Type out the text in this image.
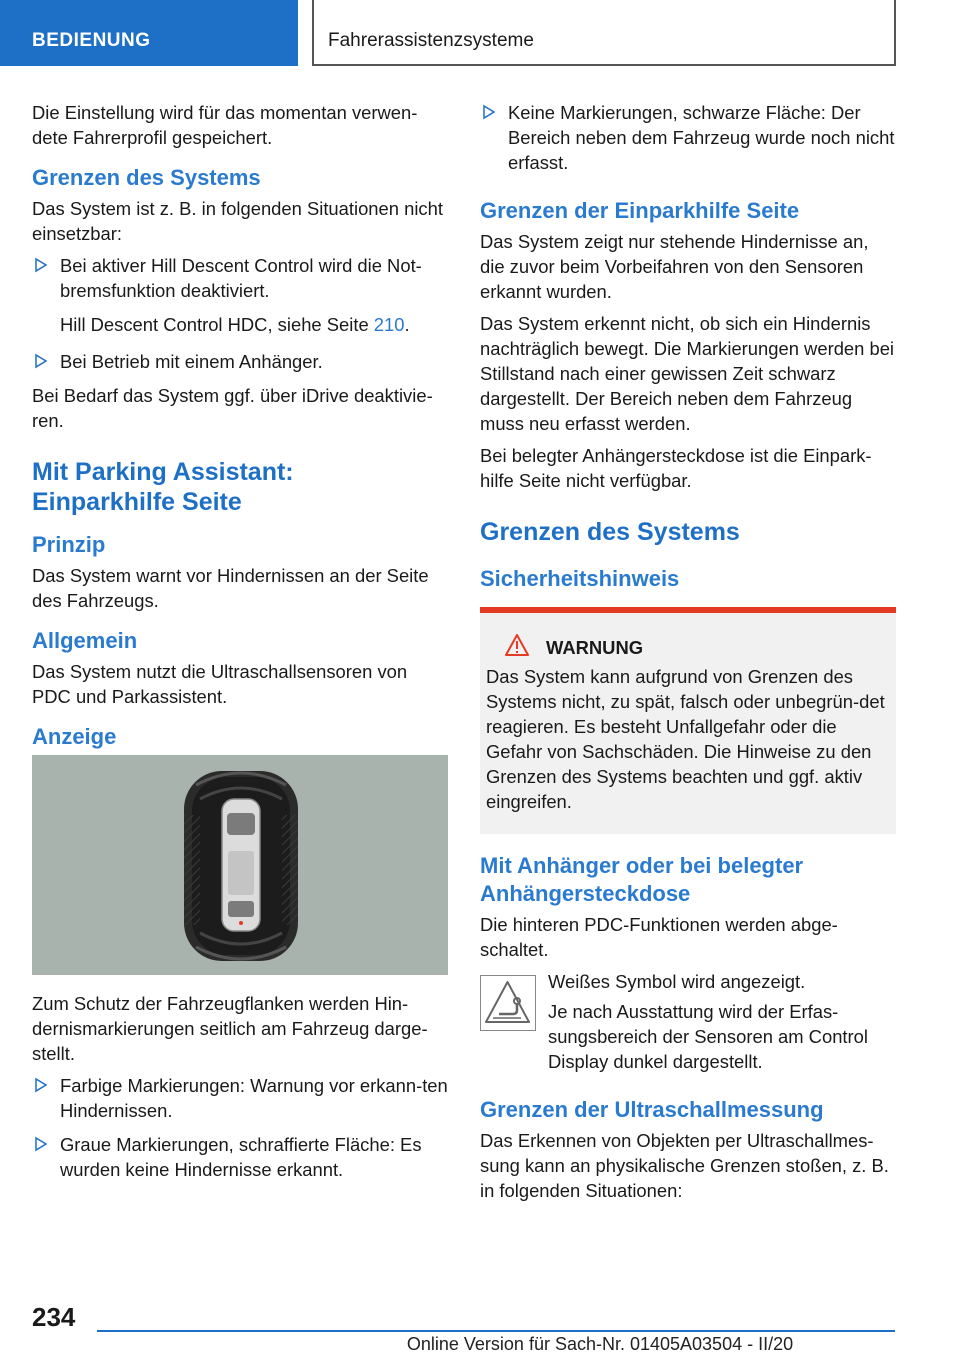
BEDIENUNG	Fahrerassistenzsysteme

Die Einstellung wird für das momentan verwen-dete Fahrerprofil gespeichert.

Grenzen des Systems

Das System ist z. B. in folgenden Situationen nicht einsetzbar:

Bei aktiver Hill Descent Control wird die Not-bremsfunktion deaktiviert.
Hill Descent Control HDC, siehe Seite 210.
Bei Betrieb mit einem Anhänger.

Bei Bedarf das System ggf. über iDrive deaktivie-ren.

Mit Parking Assistant:
Einparkhilfe Seite
Prinzip

Das System warnt vor Hindernissen an der Seite des Fahrzeugs.

Allgemein

Das System nutzt die Ultraschallsensoren von PDC und Parkassistent.

Anzeige

Zum Schutz der Fahrzeugflanken werden Hin-dernismarkierungen seitlich am Fahrzeug darge-stellt.

Farbige Markierungen: Warnung vor erkann-ten Hindernissen.
Graue Markierungen, schraffierte Fläche: Es wurden keine Hindernisse erkannt.
Keine Markierungen, schwarze Fläche: Der Bereich neben dem Fahrzeug wurde noch nicht erfasst.
Grenzen der Einparkhilfe Seite

Das System zeigt nur stehende Hindernisse an, die zuvor beim Vorbeifahren von den Sensoren erkannt wurden.

Das System erkennt nicht, ob sich ein Hindernis nachträglich bewegt. Die Markierungen werden bei Stillstand nach einer gewissen Zeit schwarz dargestellt. Der Bereich neben dem Fahrzeug muss neu erfasst werden.

Bei belegter Anhängersteckdose ist die Einpark-hilfe Seite nicht verfügbar.

Grenzen des Systems
Sicherheitshinweis
WARNUNG
Das System kann aufgrund von Grenzen des Systems nicht, zu spät, falsch oder unbegrün-det reagieren. Es besteht Unfallgefahr oder die Gefahr von Sachschäden. Die Hinweise zu den Grenzen des Systems beachten und ggf. aktiv eingreifen.
Mit Anhänger oder bei belegter Anhängersteckdose

Die hinteren PDC-Funktionen werden abge-schaltet.

Weißes Symbol wird angezeigt.

Je nach Ausstattung wird der Erfas-sungsbereich der Sensoren am Control Display dunkel dargestellt.

Grenzen der Ultraschallmessung

Das Erkennen von Objekten per Ultraschallmes-sung kann an physikalische Grenzen stoßen, z. B. in folgenden Situationen:

234
Online Version für Sach-Nr. 01405A03504 - II/20
